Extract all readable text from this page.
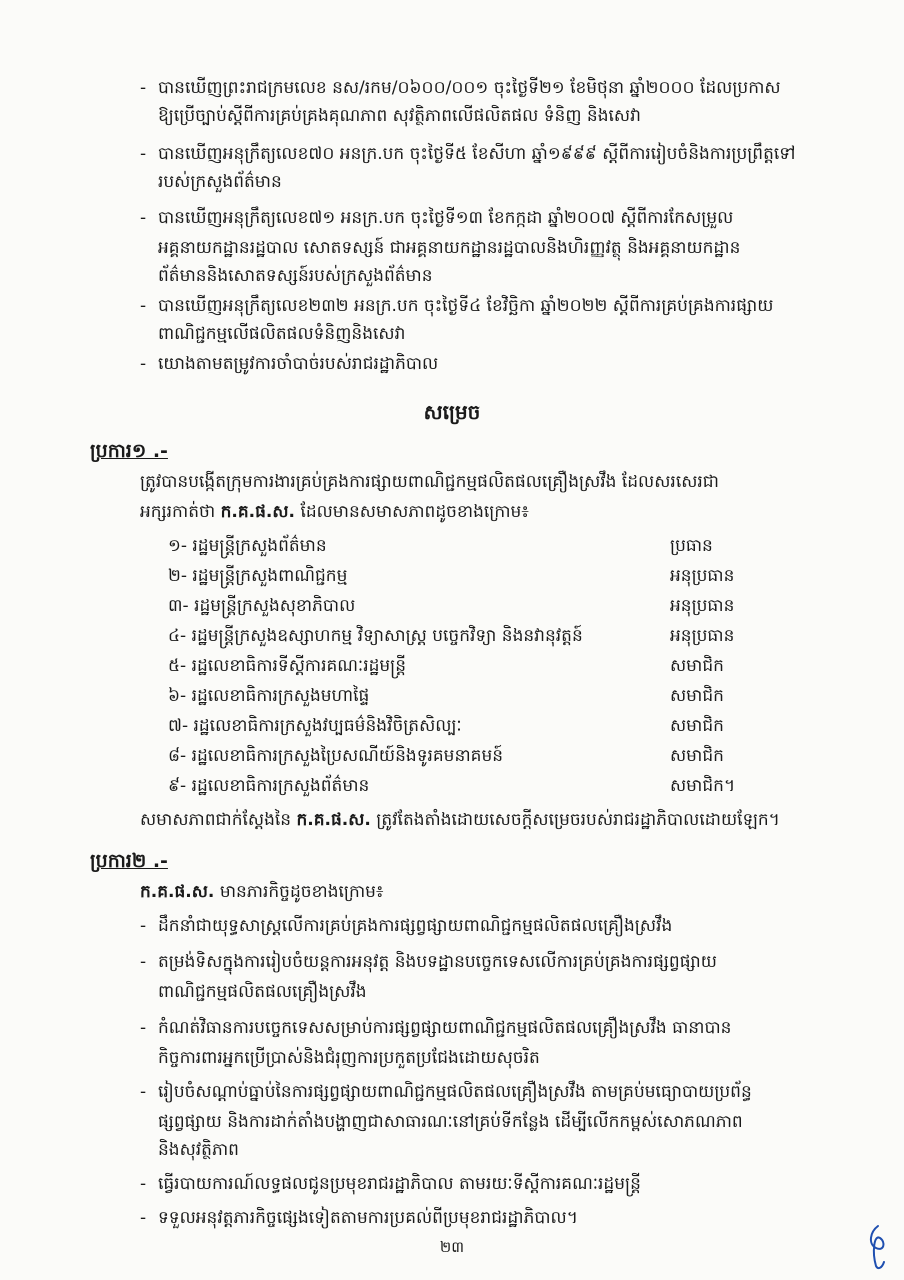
- បានឃើញព្រះរាជក្រមលេខ នស/រកម/០៦០០/០០១ ចុះថ្ងៃទី២១ ខែមិថុនា ឆ្នាំ២០០០ ដែលប្រកាស
ឱ្យប្រើច្បាប់ស្តីពីការគ្រប់គ្រងគុណភាព សុវត្ថិភាពលើផលិតផល ទំនិញ និងសេវា
- បានឃើញអនុក្រឹត្យលេខ៧០ អនក្រ.បក ចុះថ្ងៃទី៥ ខែសីហា ឆ្នាំ១៩៩៩ ស្តីពីការរៀបចំនិងការប្រព្រឹត្តទៅ
របស់ក្រសួងព័ត៌មាន
- បានឃើញអនុក្រឹត្យលេខ៧១ អនក្រ.បក ចុះថ្ងៃទី១៣ ខែកក្កដា ឆ្នាំ២០០៧ ស្តីពីការកែសម្រួល
អគ្គនាយកដ្ឋានរដ្ឋបាល សោតទស្សន៍ ជាអគ្គនាយកដ្ឋានរដ្ឋបាលនិងហិរញ្ញវត្ថុ និងអគ្គនាយកដ្ឋាន
ព័ត៌មាននិងសោតទស្សន៍របស់ក្រសួងព័ត៌មាន
- បានឃើញអនុក្រឹត្យលេខ២៣២ អនក្រ.បក ចុះថ្ងៃទី៤ ខែវិច្ឆិកា ឆ្នាំ២០២២ ស្តីពីការគ្រប់គ្រងការផ្សាយ
ពាណិជ្ជកម្មលើផលិតផលទំនិញនិងសេវា
- យោងតាមតម្រូវការចាំបាច់របស់រាជរដ្ឋាភិបាល
សម្រេច
ប្រការ១ .-
ត្រូវបានបង្កើតក្រុមការងារគ្រប់គ្រងការផ្សាយពាណិជ្ជកម្មផលិតផលគ្រឿងស្រវឹង ដែលសរសេរជា
អក្សរកាត់ថា ក.គ.ផ.ស. ដែលមានសមាសភាពដូចខាងក្រោម៖
១- រដ្ឋមន្ត្រីក្រសួងព័ត៌មាន	ប្រធាន
២- រដ្ឋមន្ត្រីក្រសួងពាណិជ្ជកម្ម	អនុប្រធាន
៣- រដ្ឋមន្ត្រីក្រសួងសុខាភិបាល	អនុប្រធាន
៤- រដ្ឋមន្ត្រីក្រសួងឧស្សាហកម្ម វិទ្យាសាស្ត្រ បច្ចេកវិទ្យា និងនវានុវត្តន៍	អនុប្រធាន
៥- រដ្ឋលេខាធិការទីស្តីការគណៈរដ្ឋមន្ត្រី	សមាជិក
៦- រដ្ឋលេខាធិការក្រសួងមហាផ្ទៃ	សមាជិក
៧- រដ្ឋលេខាធិការក្រសួងវប្បធម៌និងវិចិត្រសិល្បៈ	សមាជិក
៨- រដ្ឋលេខាធិការក្រសួងប្រៃសណីយ៍និងទូរគមនាគមន៍	សមាជិក
៩- រដ្ឋលេខាធិការក្រសួងព័ត៌មាន	សមាជិក។
សមាសភាពជាក់ស្តែងនៃ ក.គ.ផ.ស. ត្រូវតែងតាំងដោយសេចក្តីសម្រេចរបស់រាជរដ្ឋាភិបាលដោយឡែក។
ប្រការ២ .-
ក.គ.ផ.ស. មានភារកិច្ចដូចខាងក្រោម៖
- ដឹកនាំជាយុទ្ធសាស្ត្រលើការគ្រប់គ្រងការផ្សព្វផ្សាយពាណិជ្ជកម្មផលិតផលគ្រឿងស្រវឹង
- តម្រង់ទិសក្នុងការរៀបចំយន្តការអនុវត្ត និងបទដ្ឋានបច្ចេកទេសលើការគ្រប់គ្រងការផ្សព្វផ្សាយ
ពាណិជ្ជកម្មផលិតផលគ្រឿងស្រវឹង
- កំណត់វិធានការបច្ចេកទេសសម្រាប់ការផ្សព្វផ្សាយពាណិជ្ជកម្មផលិតផលគ្រឿងស្រវឹង ធានាបាន
កិច្ចការពារអ្នកប្រើប្រាស់និងជំរុញការប្រកួតប្រជែងដោយសុចរិត
- រៀបចំសណ្តាប់ធ្នាប់នៃការផ្សព្វផ្សាយពាណិជ្ជកម្មផលិតផលគ្រឿងស្រវឹង តាមគ្រប់មធ្យោបាយប្រព័ន្ធ
ផ្សព្វផ្សាយ និងការដាក់តាំងបង្ហាញជាសាធារណៈនៅគ្រប់ទីកន្លែង ដើម្បីលើកកម្ពស់សោភណភាព
និងសុវត្ថិភាព
- ធ្វើរបាយការណ៍លទ្ធផលជូនប្រមុខរាជរដ្ឋាភិបាល តាមរយៈទីស្តីការគណៈរដ្ឋមន្ត្រី
- ទទួលអនុវត្តភារកិច្ចផ្សេងទៀតតាមការប្រគល់ពីប្រមុខរាជរដ្ឋាភិបាល។
២៣
